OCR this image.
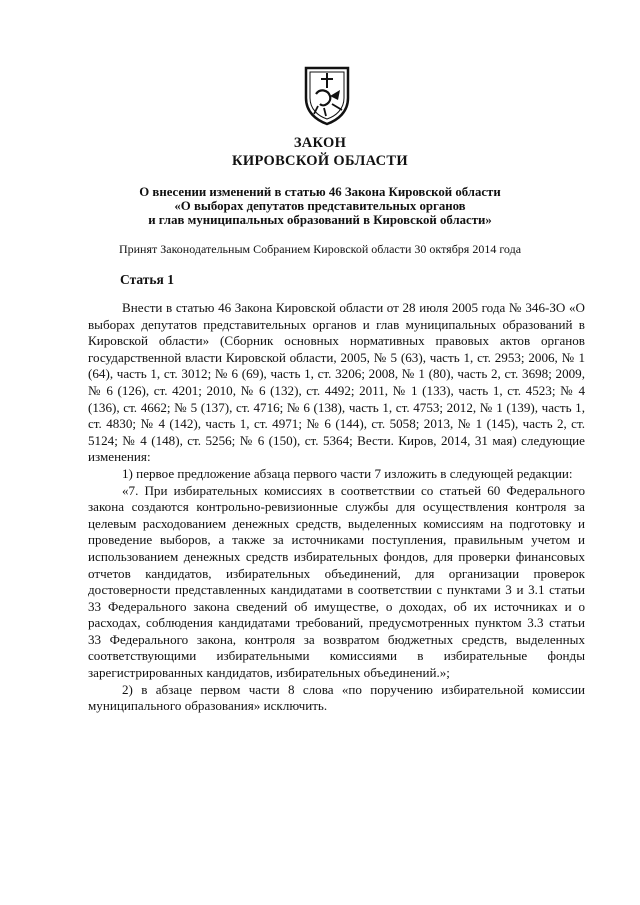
ЗАКОН
КИРОВСКОЙ ОБЛАСТИ
О внесении изменений в статью 46 Закона Кировской области
«О выборах депутатов представительных органов
и глав муниципальных образований в Кировской области»
Принят Законодательным Собранием Кировской области 30 октября 2014 года
Статья 1

Внести в статью 46 Закона Кировской области от 28 июля 2005 года № 346-ЗО «О выборах депутатов представительных органов и глав муниципальных образований в Кировской области» (Сборник основных нормативных правовых актов органов государственной власти Кировской области, 2005, № 5 (63), часть 1, ст. 2953; 2006, № 1 (64), часть 1, ст. 3012; № 6 (69), часть 1, ст. 3206; 2008, № 1 (80), часть 2, ст. 3698; 2009, № 6 (126), ст. 4201; 2010, № 6 (132), ст. 4492; 2011, № 1 (133), часть 1, ст. 4523; № 4 (136), ст. 4662; № 5 (137), ст. 4716; № 6 (138), часть 1, ст. 4753; 2012, № 1 (139), часть 1, ст. 4830; № 4 (142), часть 1, ст. 4971; № 6 (144), ст. 5058; 2013, № 1 (145), часть 2, ст. 5124; № 4 (148), ст. 5256; № 6 (150), ст. 5364; Вести. Киров, 2014, 31 мая) следующие изменения:

1) первое предложение абзаца первого части 7 изложить в следующей редакции:

«7. При избирательных комиссиях в соответствии со статьей 60 Федерального закона создаются контрольно-ревизионные службы для осуществления контроля за целевым расходованием денежных средств, выделенных комиссиям на подготовку и проведение выборов, а также за источниками поступления, правильным учетом и использованием денежных средств избирательных фондов, для проверки финансовых отчетов кандидатов, избирательных объединений, для организации проверок достоверности представленных кандидатами в соответствии с пунктами 3 и 3.1 статьи 33 Федерального закона сведений об имуществе, о доходах, об их источниках и о расходах, соблюдения кандидатами требований, предусмотренных пунктом 3.3 статьи 33 Федерального закона, контроля за возвратом бюджетных средств, выделенных соответствующими избирательными комиссиями в избирательные фонды зарегистрированных кандидатов, избирательных объединений.»;

2) в абзаце первом части 8 слова «по поручению избирательной комиссии муниципального образования» исключить.
